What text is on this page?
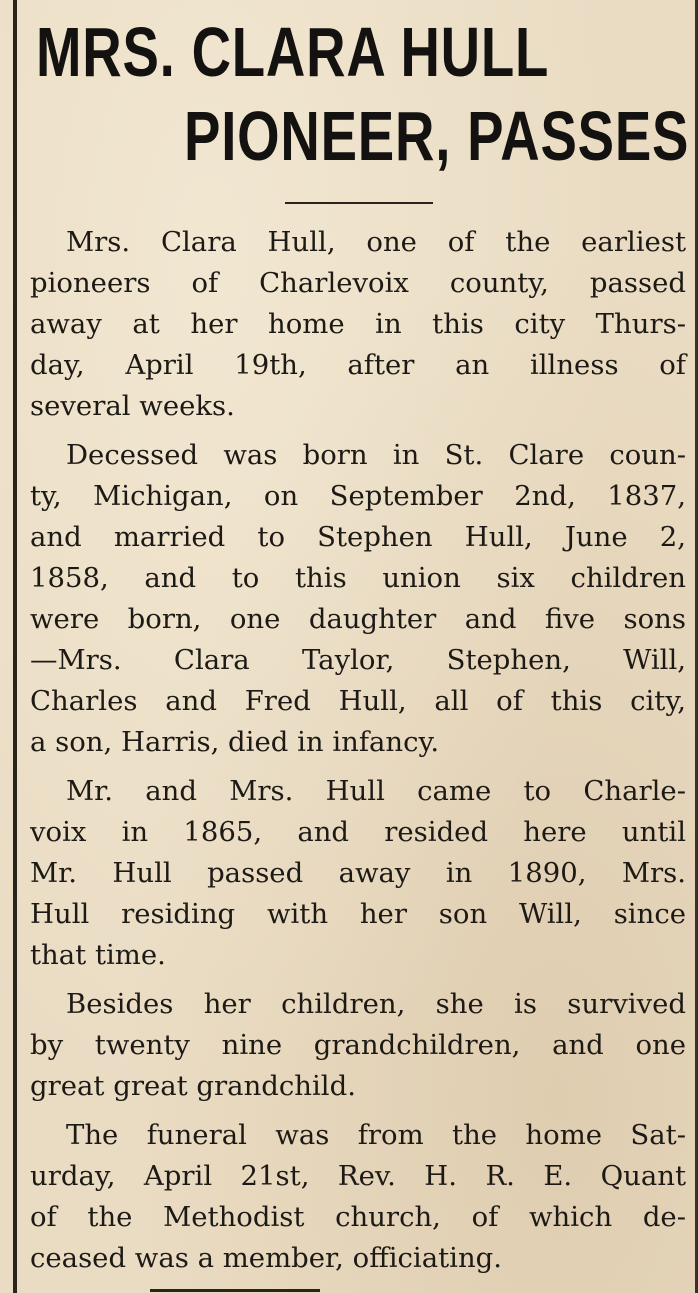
MRS. CLARA HULL
PIONEER, PASSES
Mrs. Clara Hull, one of the earliest
pioneers of Charlevoix county, passed
away at her home in this city Thurs-
day, April 19th, after an illness of
several weeks.
Decessed was born in St. Clare coun-
ty, Michigan, on September 2nd, 1837,
and married to Stephen Hull, June 2,
1858, and to this union six children
were born, one daughter and five sons
—Mrs. Clara Taylor, Stephen, Will,
Charles and Fred Hull, all of this city,
a son, Harris, died in infancy.
Mr. and Mrs. Hull came to Charle-
voix in 1865, and resided here until
Mr. Hull passed away in 1890, Mrs.
Hull residing with her son Will, since
that time.
Besides her children, she is survived
by twenty nine grandchildren, and one
great great grandchild.
The funeral was from the home Sat-
urday, April 21st, Rev. H. R. E. Quant
of the Methodist church, of which de-
ceased was a member, officiating.
